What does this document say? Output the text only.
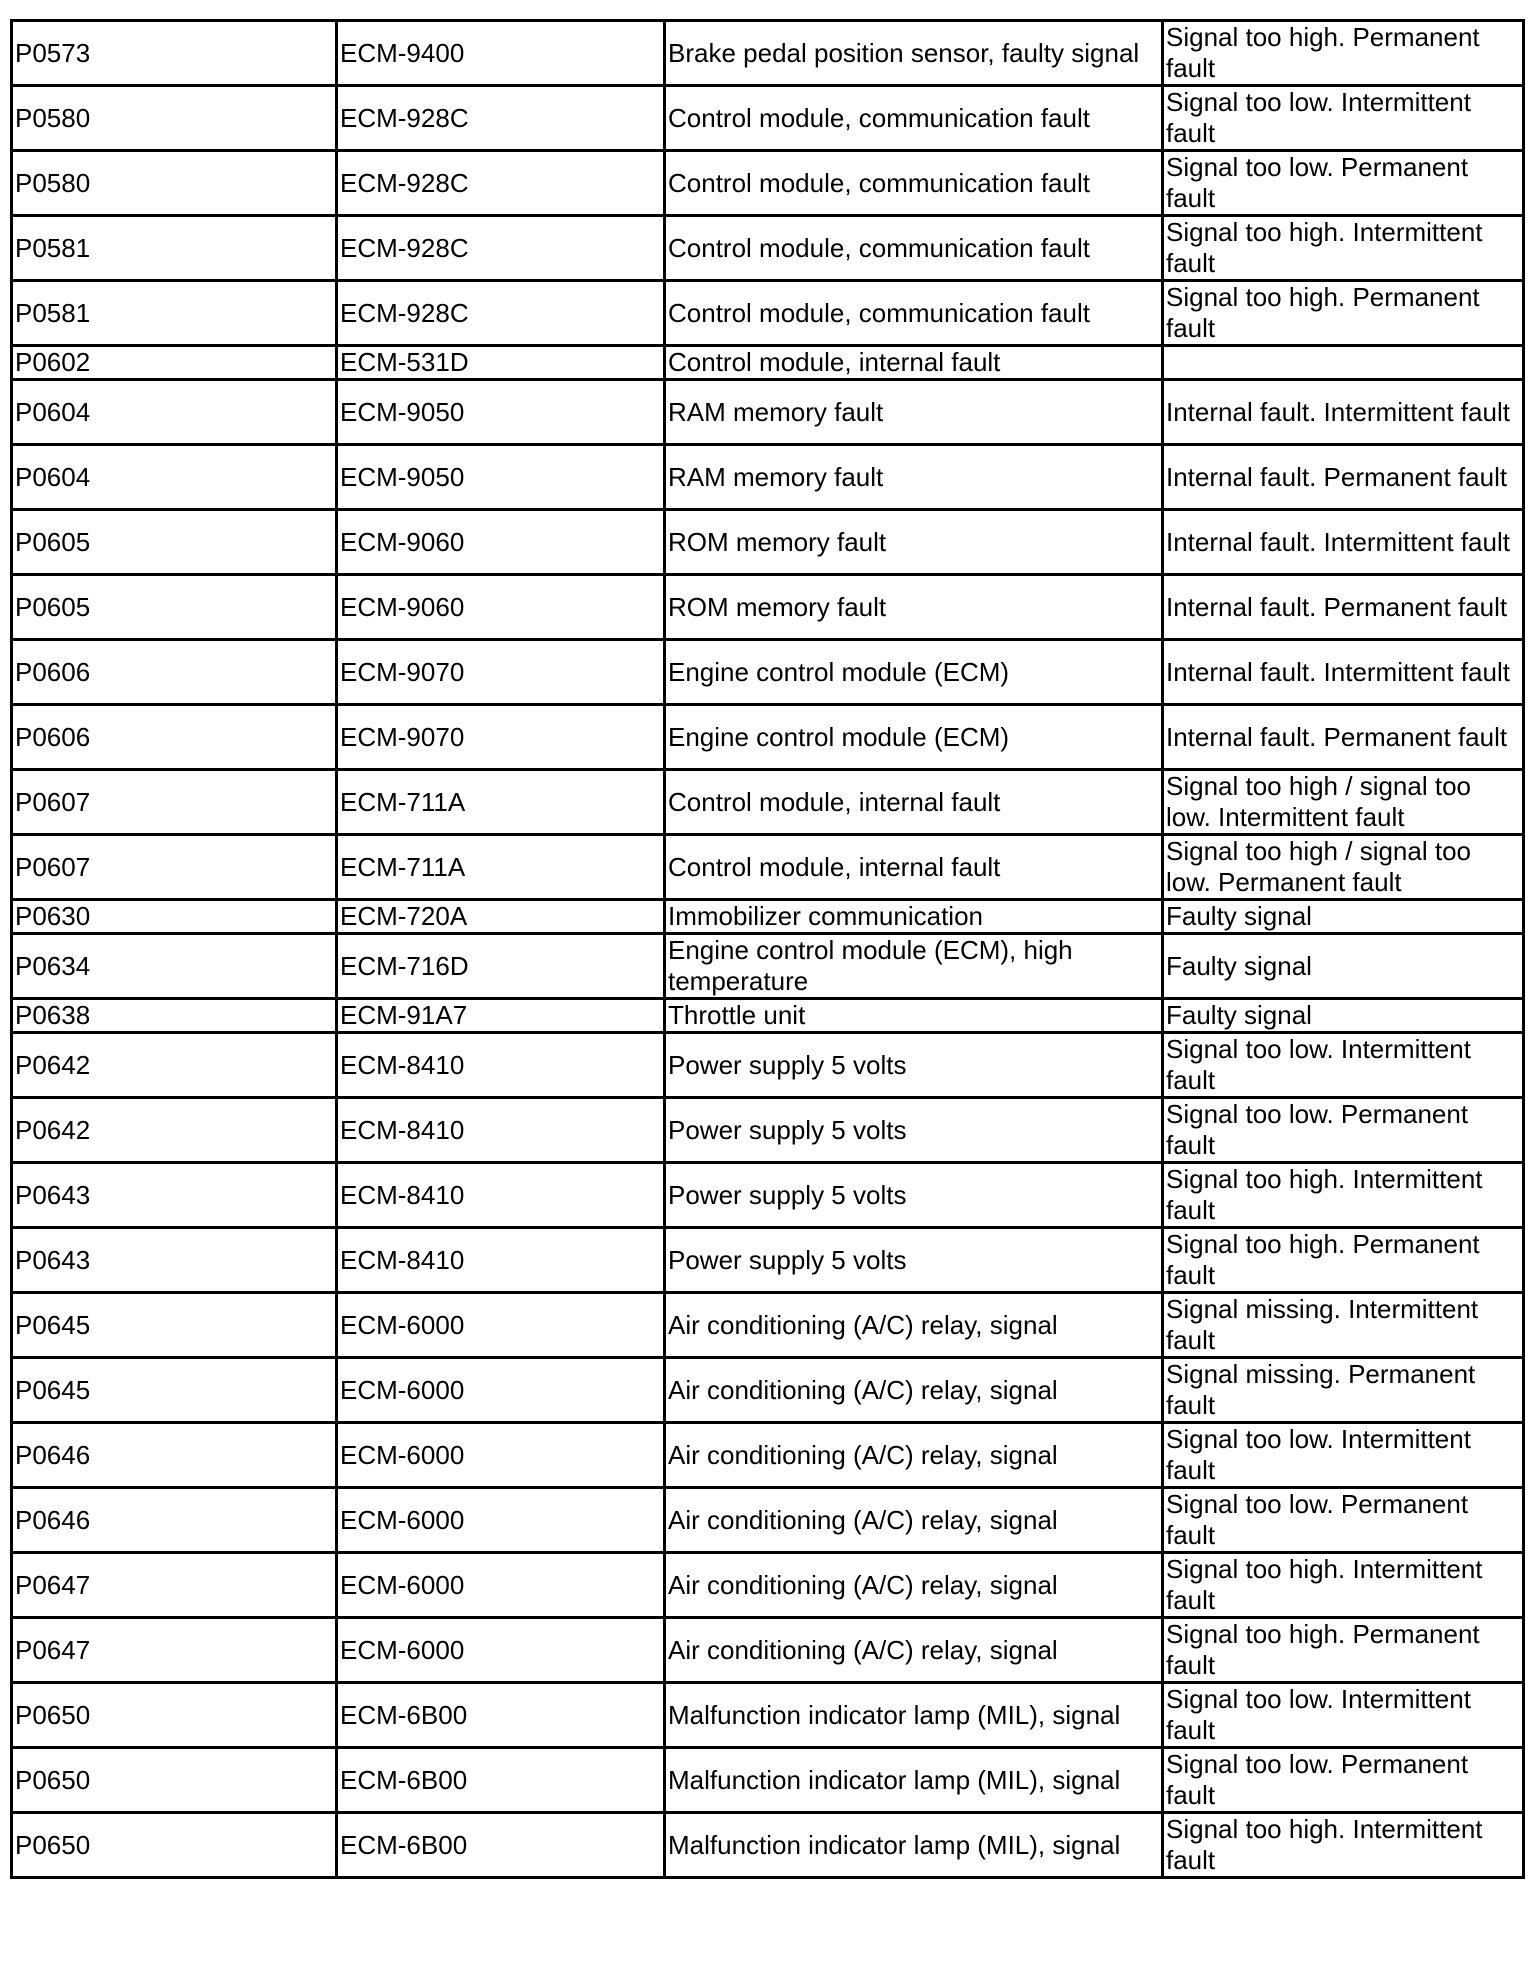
P0573	ECM-9400	Brake pedal position sensor, faulty signal	Signal too high. Permanent fault
P0580	ECM-928C	Control module, communication fault	Signal too low. Intermittent fault
P0580	ECM-928C	Control module, communication fault	Signal too low. Permanent fault
P0581	ECM-928C	Control module, communication fault	Signal too high. Intermittent fault
P0581	ECM-928C	Control module, communication fault	Signal too high. Permanent fault
P0602	ECM-531D	Control module, internal fault	
P0604	ECM-9050	RAM memory fault	Internal fault. Intermittent fault
P0604	ECM-9050	RAM memory fault	Internal fault. Permanent fault
P0605	ECM-9060	ROM memory fault	Internal fault. Intermittent fault
P0605	ECM-9060	ROM memory fault	Internal fault. Permanent fault
P0606	ECM-9070	Engine control module (ECM)	Internal fault. Intermittent fault
P0606	ECM-9070	Engine control module (ECM)	Internal fault. Permanent fault
P0607	ECM-711A	Control module, internal fault	Signal too high / signal too low. Intermittent fault
P0607	ECM-711A	Control module, internal fault	Signal too high / signal too low. Permanent fault
P0630	ECM-720A	Immobilizer communication	Faulty signal
P0634	ECM-716D	Engine control module (ECM), high temperature	Faulty signal
P0638	ECM-91A7	Throttle unit	Faulty signal
P0642	ECM-8410	Power supply 5 volts	Signal too low. Intermittent fault
P0642	ECM-8410	Power supply 5 volts	Signal too low. Permanent fault
P0643	ECM-8410	Power supply 5 volts	Signal too high. Intermittent fault
P0643	ECM-8410	Power supply 5 volts	Signal too high. Permanent fault
P0645	ECM-6000	Air conditioning (A/C) relay, signal	Signal missing. Intermittent fault
P0645	ECM-6000	Air conditioning (A/C) relay, signal	Signal missing. Permanent fault
P0646	ECM-6000	Air conditioning (A/C) relay, signal	Signal too low. Intermittent fault
P0646	ECM-6000	Air conditioning (A/C) relay, signal	Signal too low. Permanent fault
P0647	ECM-6000	Air conditioning (A/C) relay, signal	Signal too high. Intermittent fault
P0647	ECM-6000	Air conditioning (A/C) relay, signal	Signal too high. Permanent fault
P0650	ECM-6B00	Malfunction indicator lamp (MIL), signal	Signal too low. Intermittent fault
P0650	ECM-6B00	Malfunction indicator lamp (MIL), signal	Signal too low. Permanent fault
P0650	ECM-6B00	Malfunction indicator lamp (MIL), signal	Signal too high. Intermittent fault
